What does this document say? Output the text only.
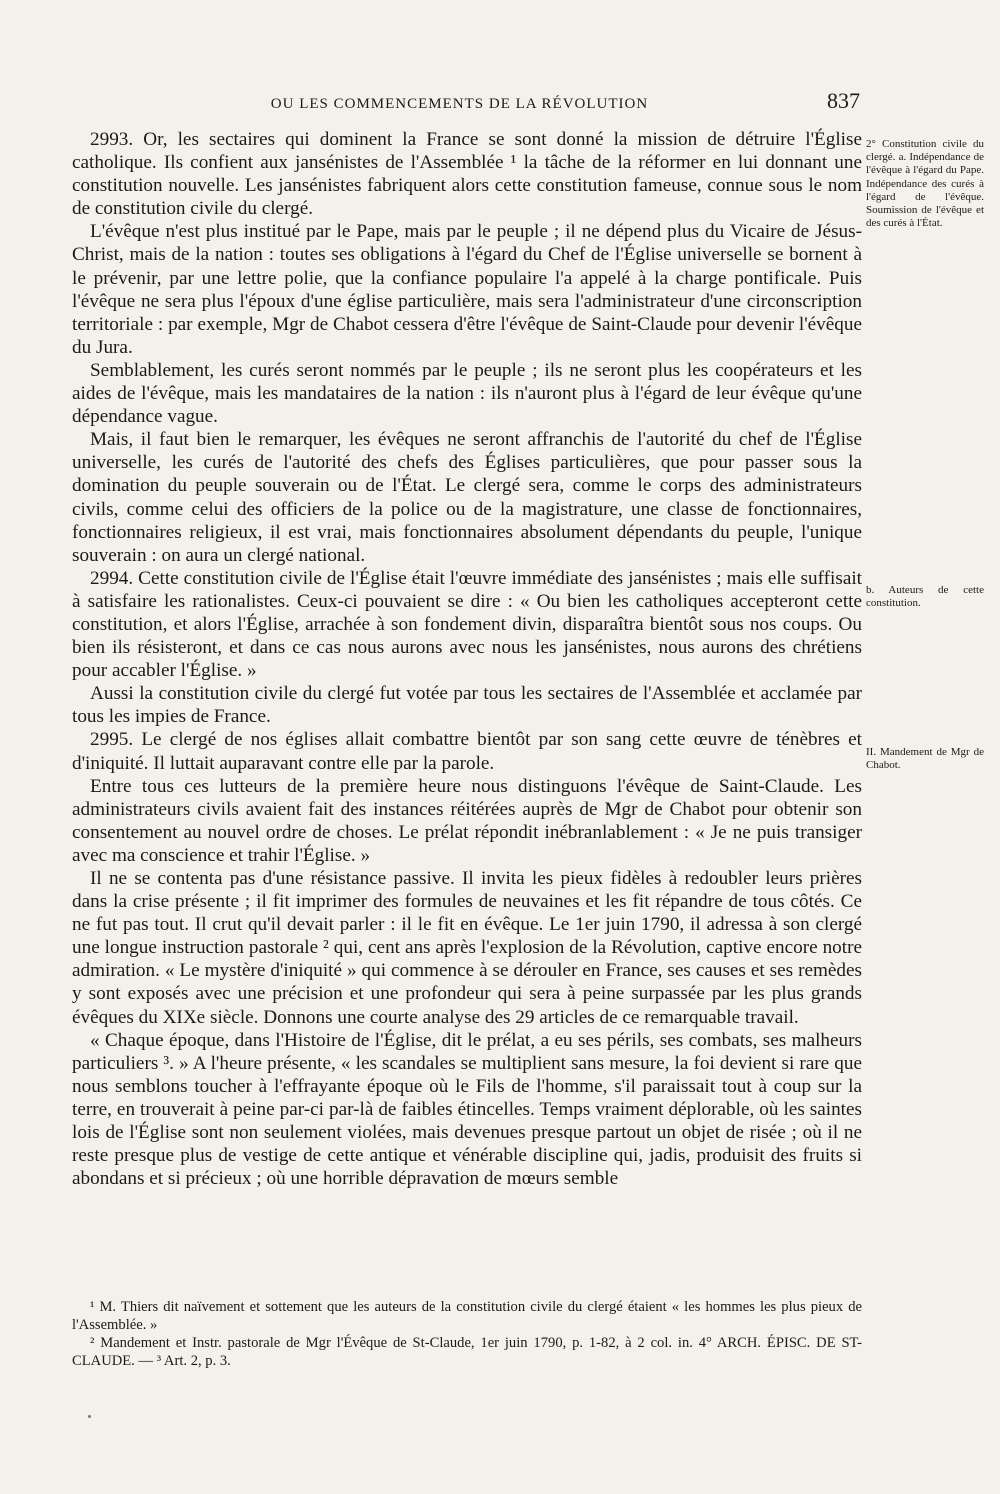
OU LES COMMENCEMENTS DE LA RÉVOLUTION	837

2993. Or, les sectaires qui dominent la France se sont donné la mission de détruire l'Église catholique. Ils confient aux jansénistes de l'Assemblée ¹ la tâche de la réformer en lui donnant une constitution nouvelle. Les jansénistes fabriquent alors cette constitution fameuse, connue sous le nom de constitution civile du clergé.

L'évêque n'est plus institué par le Pape, mais par le peuple ; il ne dépend plus du Vicaire de Jésus-Christ, mais de la nation : toutes ses obligations à l'égard du Chef de l'Église universelle se bornent à le prévenir, par une lettre polie, que la confiance populaire l'a appelé à la charge pontificale. Puis l'évêque ne sera plus l'époux d'une église particulière, mais sera l'administrateur d'une circonscription territoriale : par exemple, Mgr de Chabot cessera d'être l'évêque de Saint-Claude pour devenir l'évêque du Jura.

Semblablement, les curés seront nommés par le peuple ; ils ne seront plus les coopérateurs et les aides de l'évêque, mais les mandataires de la nation : ils n'auront plus à l'égard de leur évêque qu'une dépendance vague.

Mais, il faut bien le remarquer, les évêques ne seront affranchis de l'autorité du chef de l'Église universelle, les curés de l'autorité des chefs des Églises particulières, que pour passer sous la domination du peuple souverain ou de l'État. Le clergé sera, comme le corps des administrateurs civils, comme celui des officiers de la police ou de la magistrature, une classe de fonctionnaires, fonctionnaires religieux, il est vrai, mais fonctionnaires absolument dépendants du peuple, l'unique souverain : on aura un clergé national.

2994. Cette constitution civile de l'Église était l'œuvre immédiate des jansénistes ; mais elle suffisait à satisfaire les rationalistes. Ceux-ci pouvaient se dire : « Ou bien les catholiques accepteront cette constitution, et alors l'Église, arrachée à son fondement divin, disparaîtra bientôt sous nos coups. Ou bien ils résisteront, et dans ce cas nous aurons avec nous les jansénistes, nous aurons des chrétiens pour accabler l'Église. »

Aussi la constitution civile du clergé fut votée par tous les sectaires de l'Assemblée et acclamée par tous les impies de France.

2995. Le clergé de nos églises allait combattre bientôt par son sang cette œuvre de ténèbres et d'iniquité. Il luttait auparavant contre elle par la parole.

Entre tous ces lutteurs de la première heure nous distinguons l'évêque de Saint-Claude. Les administrateurs civils avaient fait des instances réitérées auprès de Mgr de Chabot pour obtenir son consentement au nouvel ordre de choses. Le prélat répondit inébranlablement : « Je ne puis transiger avec ma conscience et trahir l'Église. »

Il ne se contenta pas d'une résistance passive. Il invita les pieux fidèles à redoubler leurs prières dans la crise présente ; il fit imprimer des formules de neuvaines et les fit répandre de tous côtés. Ce ne fut pas tout. Il crut qu'il devait parler : il le fit en évêque. Le 1er juin 1790, il adressa à son clergé une longue instruction pastorale ² qui, cent ans après l'explosion de la Révolution, captive encore notre admiration. « Le mystère d'iniquité » qui commence à se dérouler en France, ses causes et ses remèdes y sont exposés avec une précision et une profondeur qui sera à peine surpassée par les plus grands évêques du XIXe siècle. Donnons une courte analyse des 29 articles de ce remarquable travail.

« Chaque époque, dans l'Histoire de l'Église, dit le prélat, a eu ses périls, ses combats, ses malheurs particuliers ³. » A l'heure présente, « les scandales se multiplient sans mesure, la foi devient si rare que nous semblons toucher à l'effrayante époque où le Fils de l'homme, s'il paraissait tout à coup sur la terre, en trouverait à peine par-ci par-là de faibles étincelles. Temps vraiment déplorable, où les saintes lois de l'Église sont non seulement violées, mais devenues presque partout un objet de risée ; où il ne reste presque plus de vestige de cette antique et vénérable discipline qui, jadis, produisit des fruits si abondans et si précieux ; où une horrible dépravation de mœurs semble

2° Constitution civile du clergé. a. Indépendance de l'évêque à l'égard du Pape. Indépendance des curés à l'égard de l'évêque. Soumission de l'évêque et des curés à l'État.
b. Auteurs de cette constitution.
II. Mandement de Mgr de Chabot.

¹ M. Thiers dit naïvement et sottement que les auteurs de la constitution civile du clergé étaient « les hommes les plus pieux de l'Assemblée. »

² Mandement et Instr. pastorale de Mgr l'Évêque de St-Claude, 1er juin 1790, p. 1-82, à 2 col. in. 4° ARCH. ÉPISC. DE ST-CLAUDE. — ³ Art. 2, p. 3.
